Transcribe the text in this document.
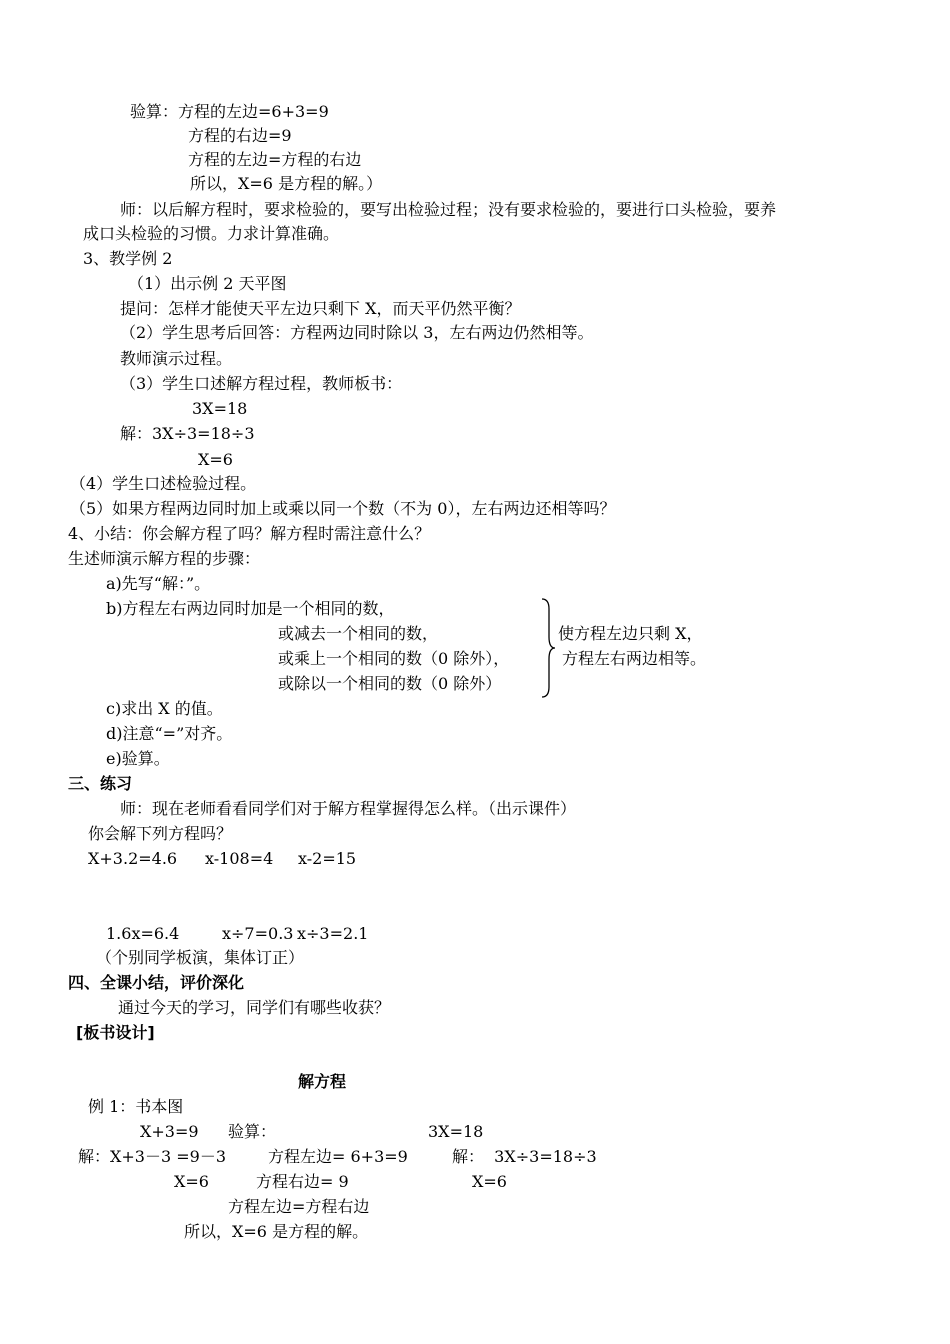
验算：方程的左边=6+3=9
方程的右边=9
方程的左边=方程的右边
所以，X=6 是方程的解。）
师：以后解方程时，要求检验的，要写出检验过程；没有要求检验的，要进行口头检验，要养
成口头检验的习惯。力求计算准确。
3、教学例 2
（1）出示例 2 天平图
提问：怎样才能使天平左边只剩下 X，而天平仍然平衡？
（2）学生思考后回答：方程两边同时除以 3，左右两边仍然相等。
教师演示过程。
（3）学生口述解方程过程，教师板书：
3X=18
解：3X÷3=18÷3
X=6
（4）学生口述检验过程。
（5）如果方程两边同时加上或乘以同一个数（不为 0），左右两边还相等吗？
4、小结：你会解方程了吗？解方程时需注意什么？
生述师演示解方程的步骤：
a)先写“解：”。
b)方程左右两边同时加是一个相同的数，
或减去一个相同的数，
或乘上一个相同的数（0 除外），
或除以一个相同的数（0 除外）
使方程左边只剩 X，
方程左右两边相等。
c)求出 X 的值。
d)注意“=”对齐。
e)验算。
三、练习
师：现在老师看看同学们对于解方程掌握得怎么样。（出示课件）
你会解下列方程吗？
X+3.2=4.6 x-108=4 x-2=15
1.6x=6.4	x÷7=0.3 x÷3=2.1
（个别同学板演，集体订正）
四、全课小结，评价深化
通过今天的学习，同学们有哪些收获？
[板书设计]
解方程
例 1：书本图
X+3=9 验算：	3X=18
解：X+3－3 =9－3	方程左边= 6+3=9	解：  3X÷3=18÷3
X=6	方程右边= 9	X=6
方程左边=方程右边
所以，X=6 是方程的解。
